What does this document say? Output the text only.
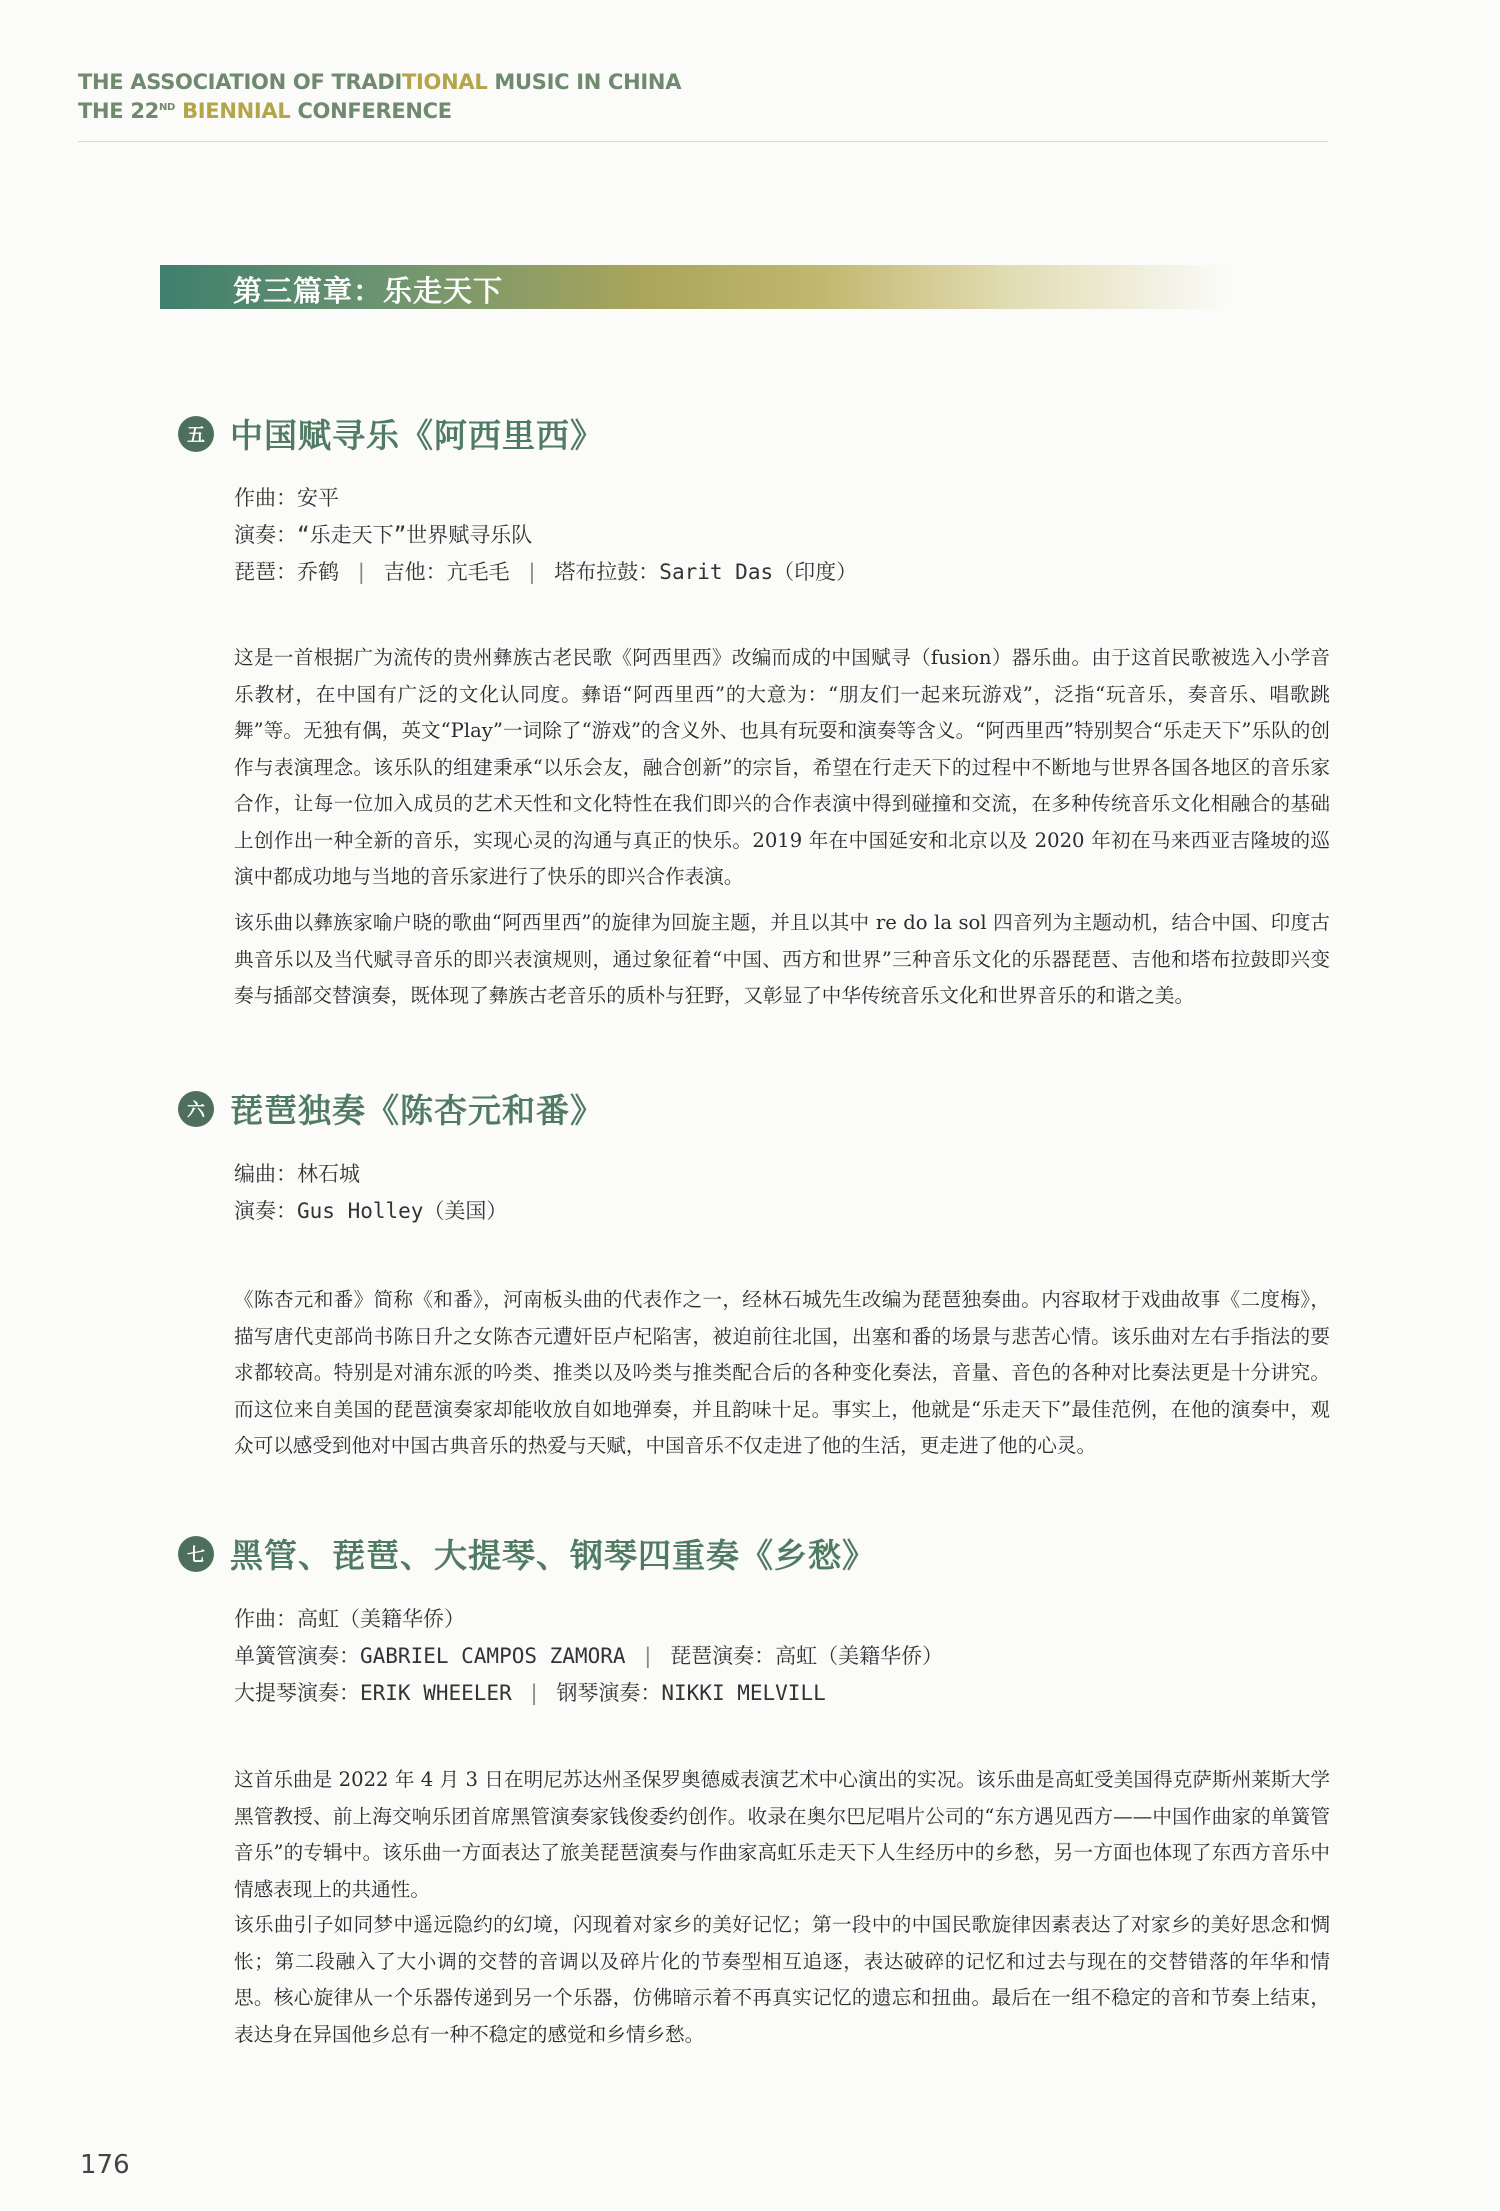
THE ASSOCIATION OF TRADITIONAL MUSIC IN CHINA
THE 22ND BIENNIAL CONFERENCE
第三篇章：乐走天下
五 中国赋寻乐《阿西里西》
作曲：安平
演奏：“乐走天下”世界赋寻乐队
琵琶：乔鹤 | 吉他：亢毛毛 | 塔布拉鼓：Sarit Das（印度）
这是一首根据广为流传的贵州彝族古老民歌《阿西里西》改编而成的中国赋寻（fusion）器乐曲。由于这首民歌被选入小学音乐教材，在中国有广泛的文化认同度。彝语“阿西里西”的大意为：“朋友们一起来玩游戏”，泛指“玩音乐，奏音乐、唱歌跳舞”等。无独有偶，英文“Play”一词除了“游戏”的含义外、也具有玩耍和演奏等含义。“阿西里西”特别契合“乐走天下”乐队的创作与表演理念。该乐队的组建秉承“以乐会友，融合创新”的宗旨，希望在行走天下的过程中不断地与世界各国各地区的音乐家合作，让每一位加入成员的艺术天性和文化特性在我们即兴的合作表演中得到碰撞和交流，在多种传统音乐文化相融合的基础上创作出一种全新的音乐，实现心灵的沟通与真正的快乐。2019 年在中国延安和北京以及 2020 年初在马来西亚吉隆坡的巡演中都成功地与当地的音乐家进行了快乐的即兴合作表演。
该乐曲以彝族家喻户晓的歌曲“阿西里西”的旋律为回旋主题，并且以其中 re do la sol 四音列为主题动机，结合中国、印度古典音乐以及当代赋寻音乐的即兴表演规则，通过象征着“中国、西方和世界”三种音乐文化的乐器琵琶、吉他和塔布拉鼓即兴变奏与插部交替演奏，既体现了彝族古老音乐的质朴与狂野，又彰显了中华传统音乐文化和世界音乐的和谐之美。
六 琵琶独奏《陈杏元和番》
编曲：林石城
演奏：Gus Holley（美国）
《陈杏元和番》简称《和番》，河南板头曲的代表作之一，经林石城先生改编为琵琶独奏曲。内容取材于戏曲故事《二度梅》，描写唐代吏部尚书陈日升之女陈杏元遭奸臣卢杞陷害，被迫前往北国，出塞和番的场景与悲苦心情。该乐曲对左右手指法的要求都较高。特别是对浦东派的吟类、推类以及吟类与推类配合后的各种变化奏法，音量、音色的各种对比奏法更是十分讲究。而这位来自美国的琵琶演奏家却能收放自如地弹奏，并且韵味十足。事实上，他就是“乐走天下”最佳范例，在他的演奏中，观众可以感受到他对中国古典音乐的热爱与天赋，中国音乐不仅走进了他的生活，更走进了他的心灵。
七 黑管、琵琶、大提琴、钢琴四重奏《乡愁》
作曲：高虹（美籍华侨）
单簧管演奏：GABRIEL CAMPOS ZAMORA | 琵琶演奏：高虹（美籍华侨）
大提琴演奏：ERIK WHEELER | 钢琴演奏：NIKKI MELVILL
这首乐曲是 2022 年 4 月 3 日在明尼苏达州圣保罗奥德威表演艺术中心演出的实况。该乐曲是高虹受美国得克萨斯州莱斯大学黑管教授、前上海交响乐团首席黑管演奏家钱俊委约创作。收录在奥尔巴尼唱片公司的“东方遇见西方——中国作曲家的单簧管音乐”的专辑中。该乐曲一方面表达了旅美琵琶演奏与作曲家高虹乐走天下人生经历中的乡愁，另一方面也体现了东西方音乐中情感表现上的共通性。
该乐曲引子如同梦中遥远隐约的幻境，闪现着对家乡的美好记忆；第一段中的中国民歌旋律因素表达了对家乡的美好思念和惆怅；第二段融入了大小调的交替的音调以及碎片化的节奏型相互追逐，表达破碎的记忆和过去与现在的交替错落的年华和情思。核心旋律从一个乐器传递到另一个乐器，仿佛暗示着不再真实记忆的遗忘和扭曲。最后在一组不稳定的音和节奏上结束，表达身在异国他乡总有一种不稳定的感觉和乡情乡愁。
176
